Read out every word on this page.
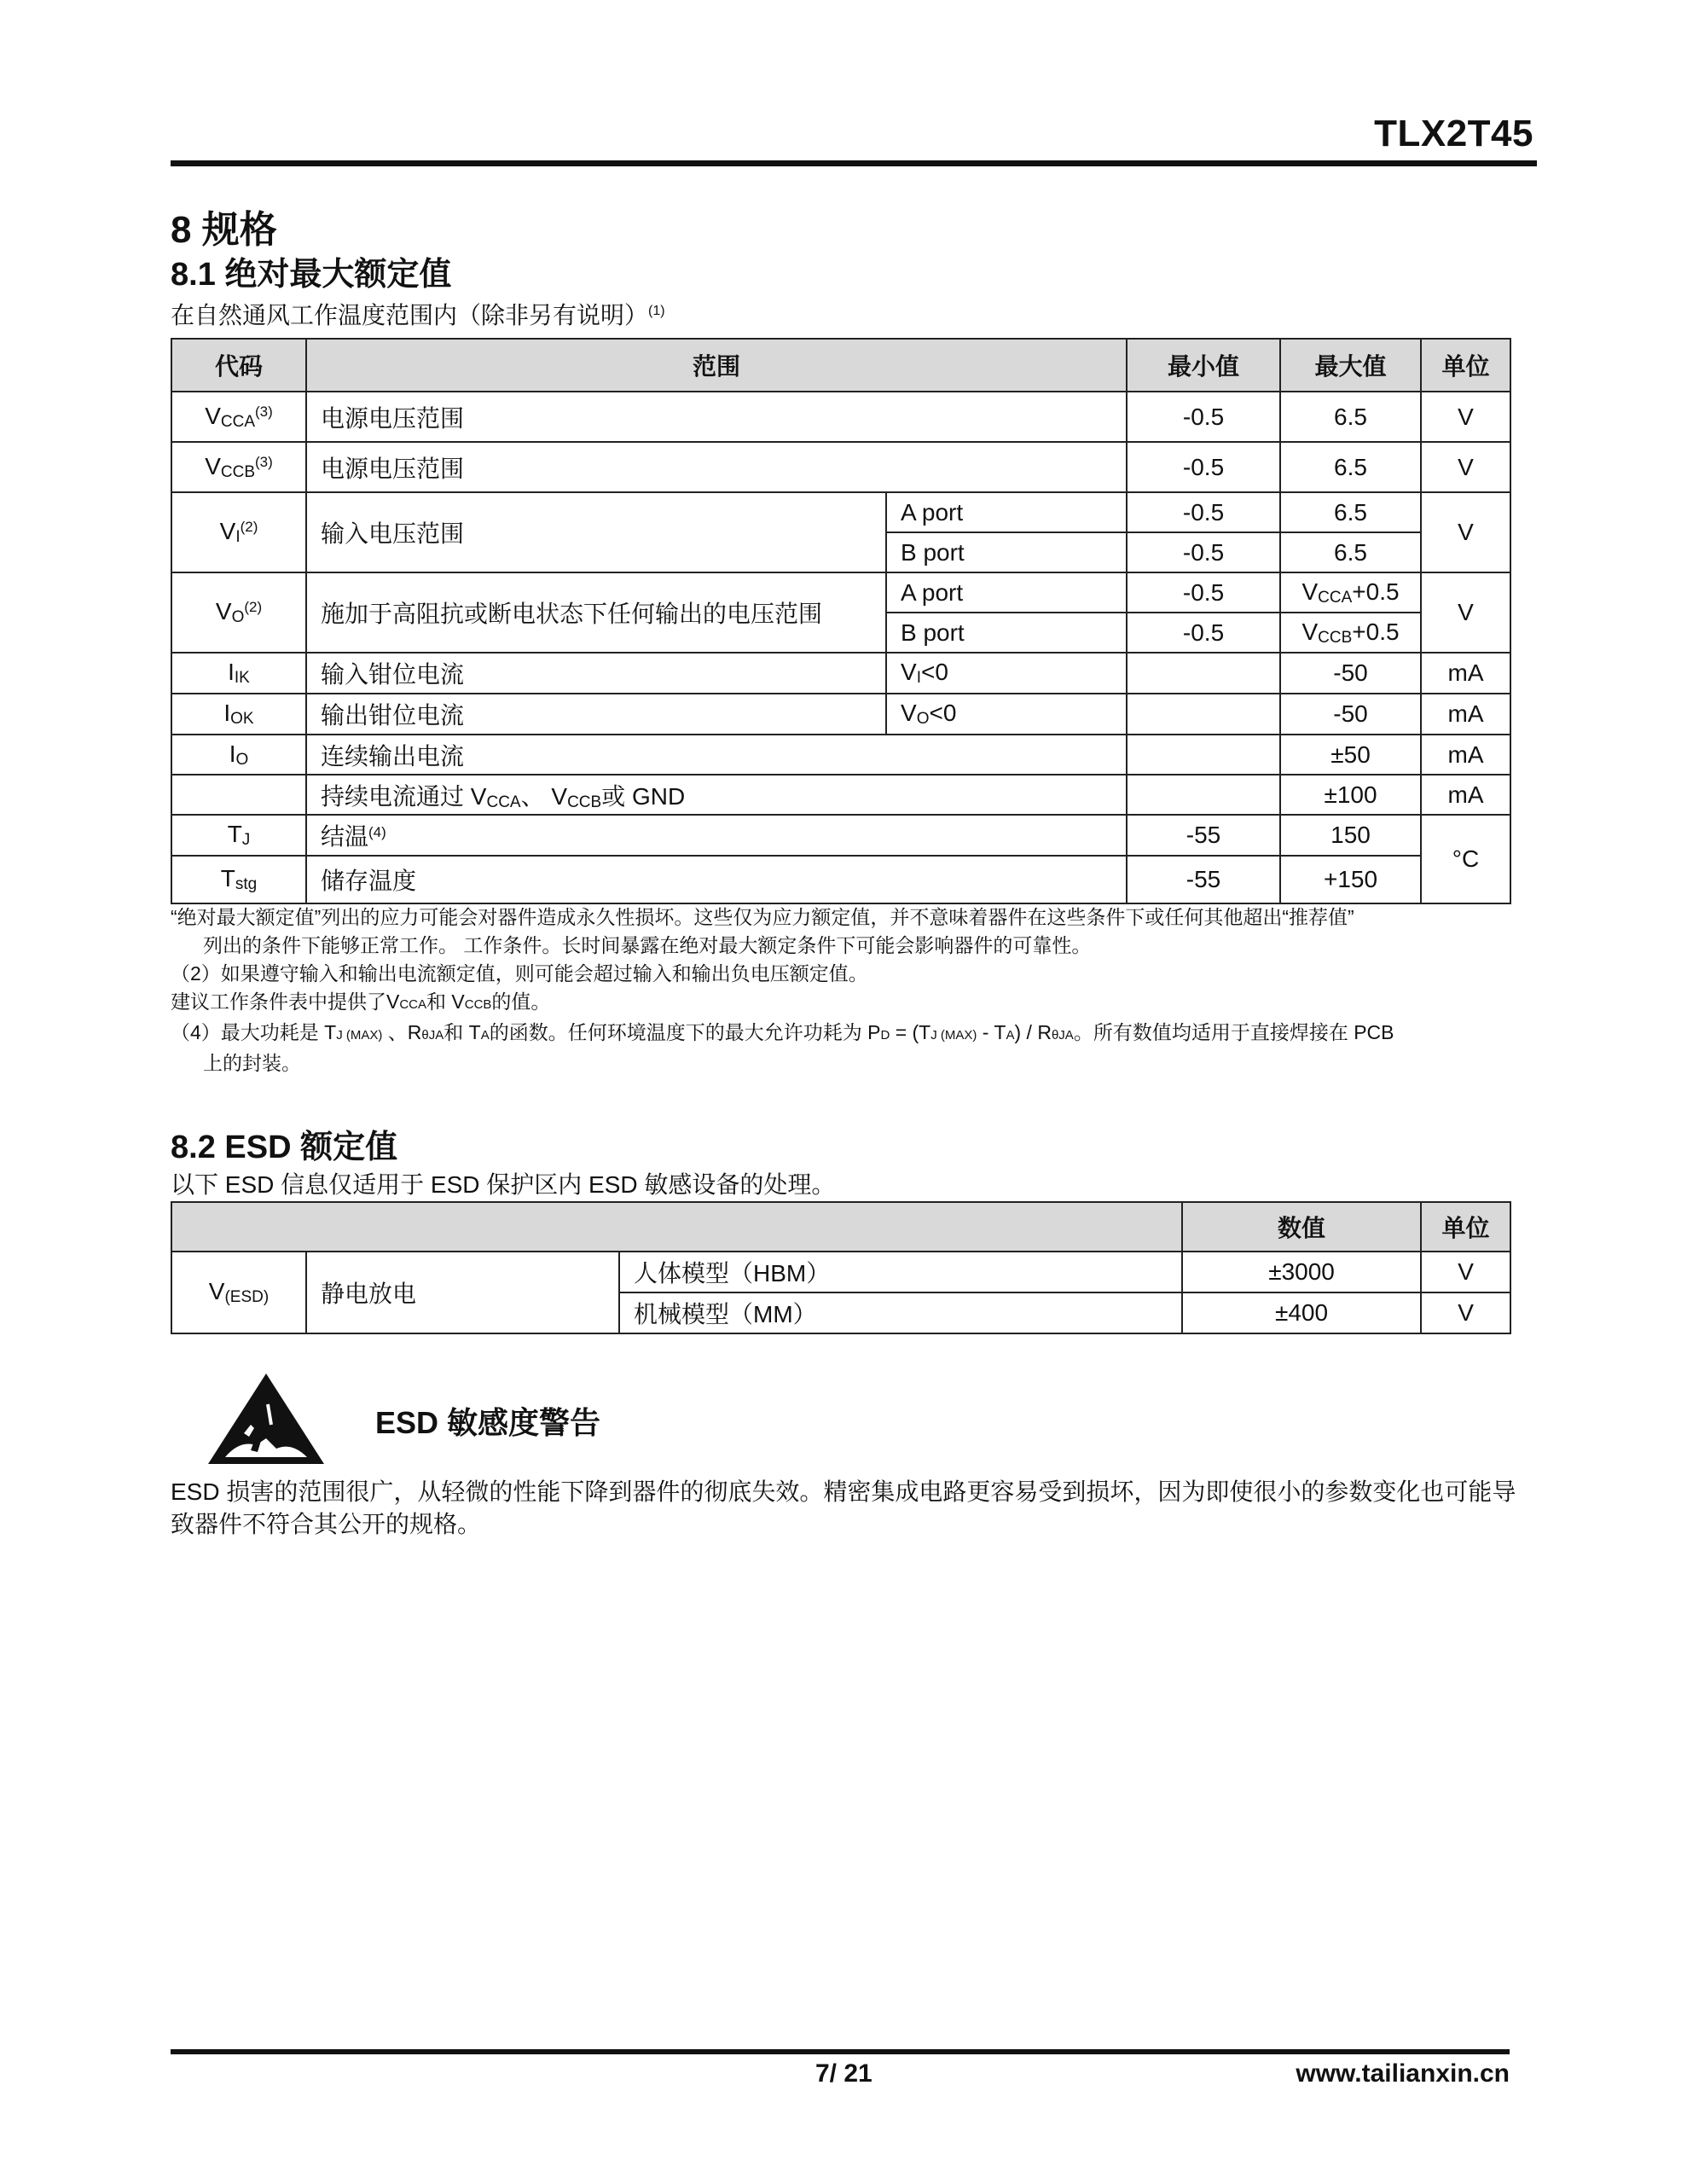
TLX2T45
8 规格
8.1 绝对最大额定值
在自然通风工作温度范围内（除非另有说明）$^{(1)}$
代码	范围		最小值	最大值	单位
VCCA$^{(3)}$	电源电压范围		-0.5	6.5	V
VCCB$^{(3)}$	电源电压范围		-0.5	6.5	V
VI$^{(2)}$	输入电压范围	A port	-0.5	6.5	V
		B port	-0.5	6.5	
VO$^{(2)}$	施加于高阻抗或断电状态下任何输出的电压范围	A port	-0.5	VCCA+0.5	V
		B port	-0.5	VCCB+0.5	
IIK	输入钳位电流	VI<0		-50	mA
IOK	输出钳位电流	VO<0		-50	mA
IO	连续输出电流			±50	mA
	持续电流通过 VCCA、 VCCB或 GND			±100	mA
TJ	结温$^{(4)}$		-55	150	°C
Tstg	储存温度		-55	+150	
“绝对最大额定值”列出的应力可能会对器件造成永久性损坏。这些仅为应力额定值，并不意味着器件在这些条件下或任何其他超出“推荐值”
列出的条件下能够正常工作。 工作条件。长时间暴露在绝对最大额定条件下可能会影响器件的可靠性。
（2）如果遵守输入和输出电流额定值，则可能会超过输入和输出负电压额定值。
建议工作条件表中提供了VCCA和 VCCB的值。
（4）最大功耗是 TJ (MAX) 、RθJA和 TA的函数。任何环境温度下的最大允许功耗为 PD = (TJ (MAX) - TA) / RθJA。所有数值均适用于直接焊接在 PCB
上的封装。
8.2 ESD 额定值
以下 ESD 信息仅适用于 ESD 保护区内 ESD 敏感设备的处理。
			数值	单位
V(ESD)	静电放电	人体模型（HBM）	±3000	V
		机械模型（MM）	±400	V
ESD 敏感度警告
ESD 损害的范围很广，从轻微的性能下降到器件的彻底失效。精密集成电路更容易受到损坏，因为即使很小的参数变化也可能导致器件不符合其公开的规格。
7/ 21	www.tailianxin.cn
